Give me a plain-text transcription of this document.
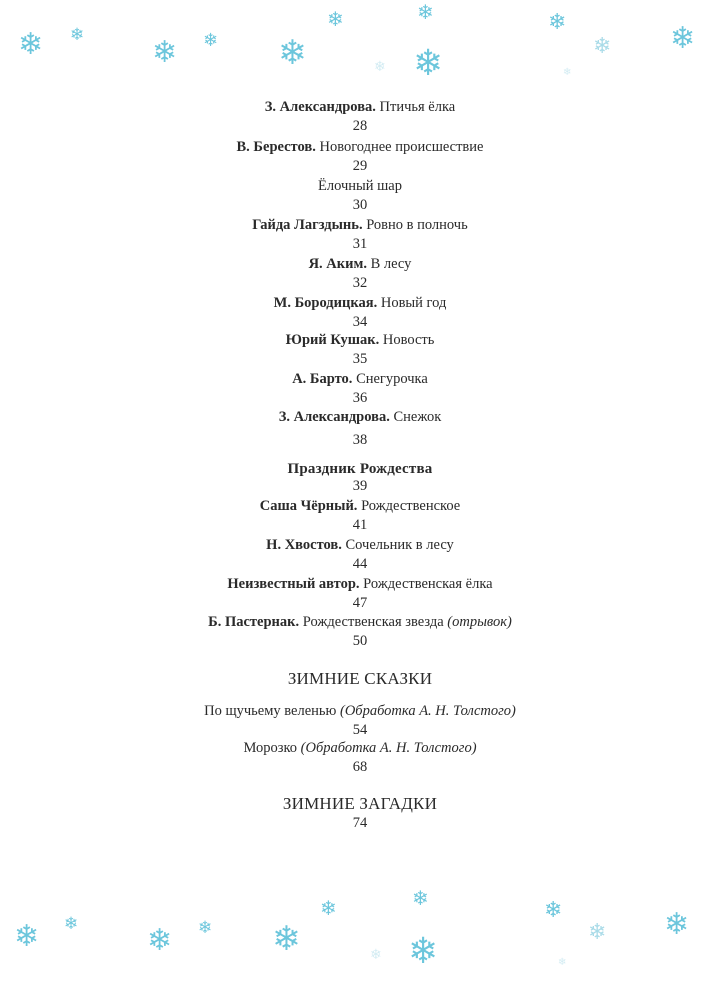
❄ ❄ ❄ ❄ ❄
❄
❄ ❄
❄	❄
❄
❄
❄
❄ ❄ ❄ ❄ ❄
❄
❄ ❄
❄	❄
❄
❄
❄
З. Александрова. Птичья ёлка
28
В. Берестов. Новогоднее происшествие
29
Ёлочный шар
30
Гайда Лагздынь. Ровно в полночь
31
Я. Аким. В лесу
32
М. Бородицкая. Новый год
34
Юрий Кушак. Новость
35
А. Барто. Снегурочка
36
З. Александрова. Снежок
38
Праздник Рождества
39
Саша Чёрный. Рождественское
41
Н. Хвостов. Сочельник в лесу
44
Неизвестный автор. Рождественская ёлка
47
Б. Пастернак. Рождественская звезда (отрывок)
50
ЗИМНИЕ СКАЗКИ
По щучьему веленью (Обработка А. Н. Толстого)
54
Морозко (Обработка А. Н. Толстого)
68
ЗИМНИЕ ЗАГАДКИ
74
